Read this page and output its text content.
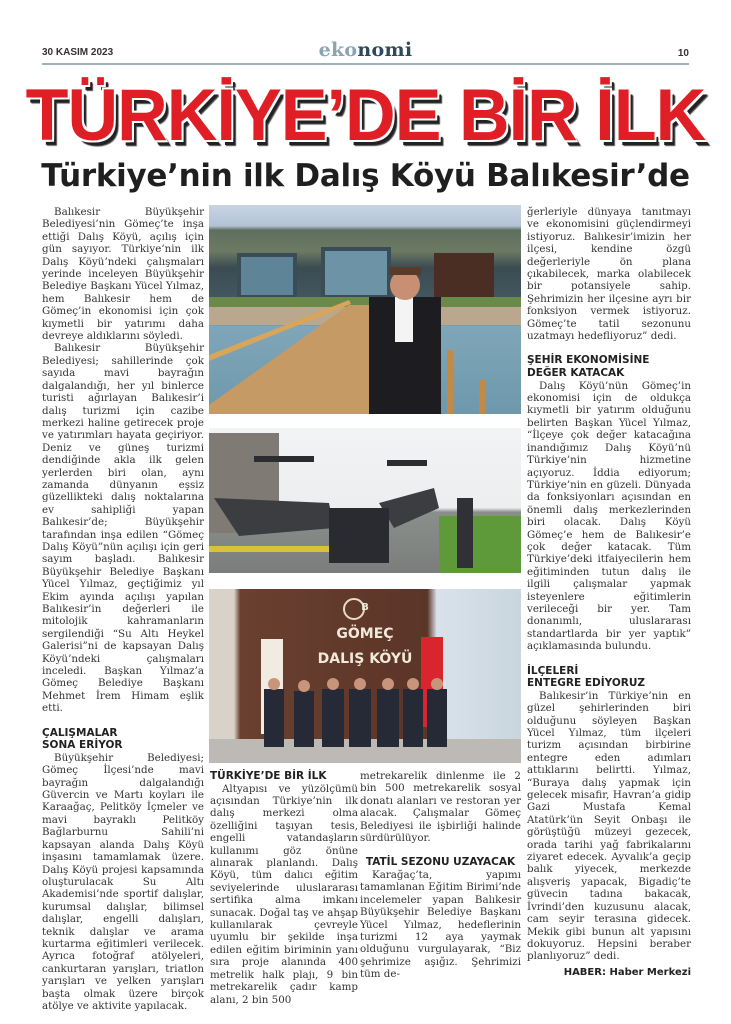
30 KASIM 2023	ekonomi	10
TÜRKİYE’DE BİR İLK
Türkiye’nin ilk Dalış Köyü Balıkesir’de
B
GÖMEÇ
DALIŞ KÖYÜ

Balıkesir Büyükşehir Belediyesi’nin Gömeç’te inşa ettiği Dalış Köyü, açılış için gün sayıyor. Türkiye’nin ilk Dalış Köyü’ndeki çalışmaları yerinde inceleyen Büyükşehir Belediye Başkanı Yücel Yılmaz, hem Balıkesir hem de Gömeç’in ekonomisi için çok kıymetli bir yatırımı daha devreye aldıklarını söyledi.

Balıkesir Büyükşehir Belediyesi; sahillerinde çok sayıda mavi bayrağın dalgalandığı, her yıl binlerce turisti ağırlayan Balıkesir’i dalış turizmi için cazibe merkezi haline getirecek proje ve yatırımları hayata geçiriyor. Deniz ve güneş turizmi dendiğinde akla ilk gelen yerlerden biri olan, aynı zamanda dünyanın eşsiz güzellikteki dalış noktalarına ev sahipliği yapan Balıkesir’de; Büyükşehir tarafından inşa edilen “Gömeç Dalış Köyü”nün açılışı için geri sayım başladı. Balıkesir Büyükşehir Belediye Başkanı Yücel Yılmaz, geçtiğimiz yıl Ekim ayında açılışı yapılan Balıkesir’in değerleri ile mitolojik kahramanların sergilendiği “Su Altı Heykel Galerisi”ni de kapsayan Dalış Köyü’ndeki çalışmaları inceledi. Başkan Yılmaz’a Gömeç Belediye Başkanı Mehmet İrem Himam eşlik etti.

ÇALIŞMALAR
SONA ERİYOR

Büyükşehir Belediyesi; Gömeç İlçesi’nde mavi bayrağın dalgalandığı Güvercin ve Martı koyları ile Karaağaç, Pelitköy İçmeler ve mavi bayraklı Pelitköy Bağlarburnu Sahili’ni kapsayan alanda Dalış Köyü inşasını tamamlamak üzere. Dalış Köyü projesi kapsamında oluşturulacak Su Altı Akademisi’nde sportif dalışlar, kurumsal dalışlar, bilimsel dalışlar, engelli dalışları, teknik dalışlar ve arama kurtarma eğitimleri verilecek. Ayrıca fotoğraf atölyeleri, cankurtaran yarışları, triatlon yarışları ve yelken yarışları başta olmak üzere birçok atölye ve aktivite yapılacak.

TÜRKİYE’DE BİR İLK

Altyapısı ve yüzölçümü açısından Türkiye’nin ilk dalış merkezi olma özelliğini taşıyan tesis, engelli vatandaşların kullanımı göz önüne alınarak planlandı. Dalış Köyü, tüm dalıcı eğitim seviyelerinde uluslararası sertifika alma imkanı sunacak. Doğal taş ve ahşap kullanılarak çevreyle uyumlu bir şekilde inşa edilen eğitim biriminin yanı sıra proje alanında 400 metrelik halk plajı, 9 bin metrekarelik çadır kamp alanı, 2 bin 500

metrekarelik dinlenme ile 2 bin 500 metrekarelik sosyal donatı alanları ve restoran yer alacak. Çalışmalar Gömeç Belediyesi ile işbirliği halinde sürdürülüyor.

TATİL SEZONU UZAYACAK

Karağaç’ta, yapımı tamamlanan Eğitim Birimi’nde incelemeler yapan Balıkesir Büyükşehir Belediye Başkanı Yücel Yılmaz, hedeflerinin turizmi 12 aya yaymak olduğunu vurgulayarak, “Biz şehrimize aşığız. Şehrimizi tüm de-

ğerleriyle dünyaya tanıtmayı ve ekonomisini güçlendirmeyi istiyoruz. Balıkesir’imizin her ilçesi, kendine özgü değerleriyle ön plana çıkabilecek, marka olabilecek bir potansiyele sahip. Şehrimizin her ilçesine ayrı bir fonksiyon vermek istiyoruz. Gömeç’te tatil sezonunu uzatmayı hedefliyoruz” dedi.

ŞEHİR EKONOMİSİNE
DEĞER KATACAK

Dalış Köyü’nün Gömeç’in ekonomisi için de oldukça kıymetli bir yatırım olduğunu belirten Başkan Yücel Yılmaz, “İlçeye çok değer katacağına inandığımız Dalış Köyü’nü Türkiye’nin hizmetine açıyoruz. İddia ediyorum; Türkiye’nin en güzeli. Dünyada da fonksiyonları açısından en önemli dalış merkezlerinden biri olacak. Dalış Köyü Gömeç’e hem de Balıkesir’e çok değer katacak. Tüm Türkiye’deki itfaiyecilerin hem eğitiminden tutun dalış ile ilgili çalışmalar yapmak isteyenlere eğitimlerin verileceği bir yer. Tam donanımlı, uluslararası standartlarda bir yer yaptık” açıklamasında bulundu.

İLÇELERİ
ENTEGRE EDİYORUZ

Balıkesir’in Türkiye’nin en güzel şehirlerinden biri olduğunu söyleyen Başkan Yücel Yılmaz, tüm ilçeleri turizm açısından birbirine entegre eden adımları attıklarını belirtti. Yılmaz, “Buraya dalış yapmak için gelecek misafir, Havran’a gidip Gazi Mustafa Kemal Atatürk’ün Seyit Onbaşı ile görüştüğü müzeyi gezecek, orada tarihi yağ fabrikalarını ziyaret edecek. Ayvalık’a geçip balık yiyecek, merkezde alışveriş yapacak, Bigadiç’te güvecin tadına bakacak, İvrindi’den kuzusunu alacak, cam seyir terasına gidecek. Mekik gibi bunun alt yapısını dokuyoruz. Hepsini beraber planlıyoruz” dedi.

HABER: Haber Merkezi
